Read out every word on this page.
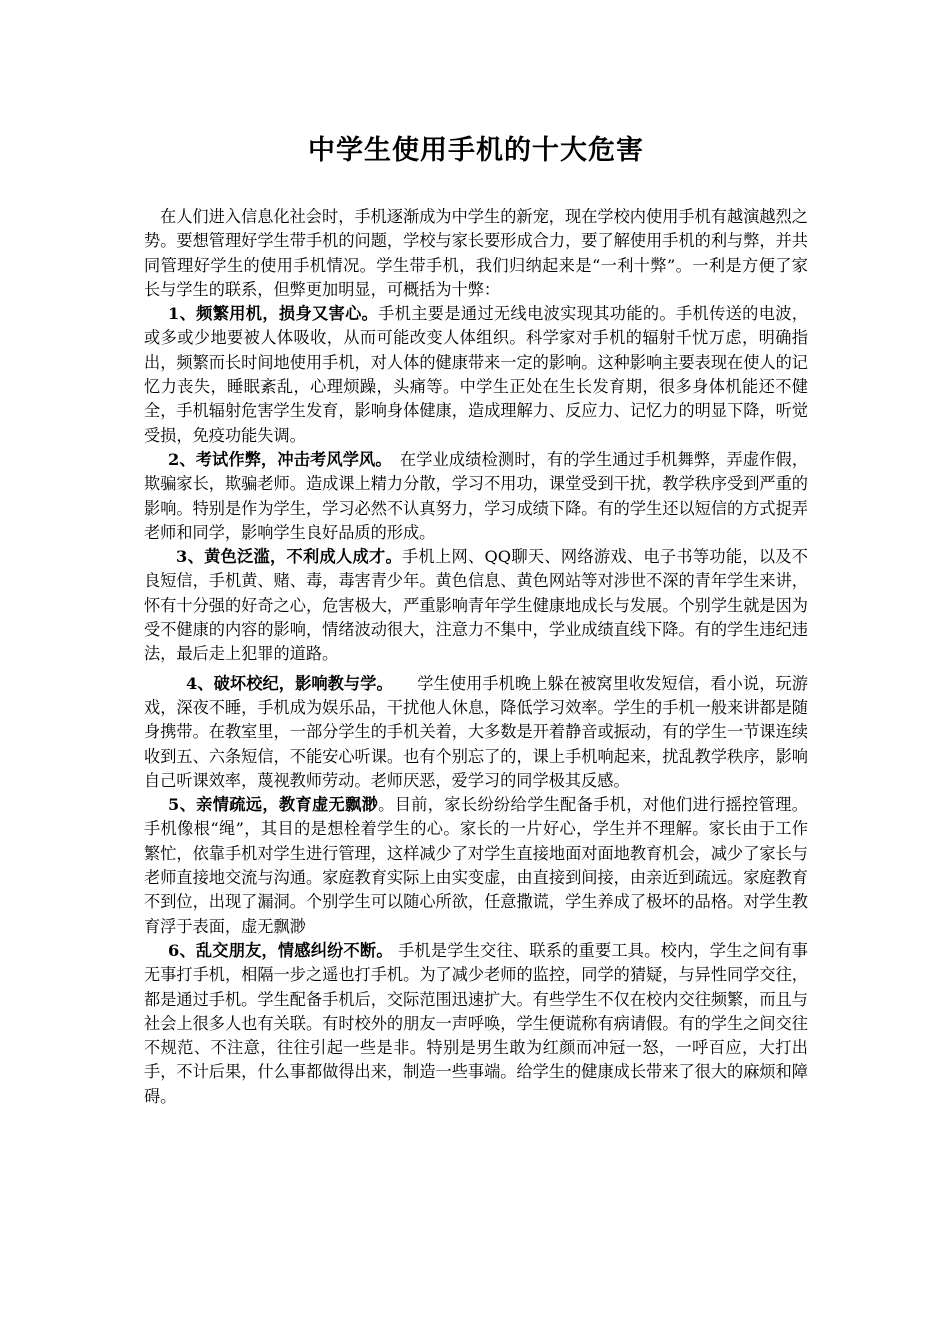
中学生使用手机的十大危害

在人们进入信息化社会时，手机逐渐成为中学生的新宠，现在学校内使用手机有越演越烈之势。要想管理好学生带手机的问题，学校与家长要形成合力，要了解使用手机的利与弊，并共同管理好学生的使用手机情况。学生带手机，我们归纳起来是“一利十弊”。一利是方便了家长与学生的联系，但弊更加明显，可概括为十弊：

1、频繁用机，损身又害心。手机主要是通过无线电波实现其功能的。手机传送的电波，或多或少地要被人体吸收，从而可能改变人体组织。科学家对手机的辐射千忧万虑，明确指出，频繁而长时间地使用手机，对人体的健康带来一定的影响。这种影响主要表现在使人的记忆力丧失，睡眠紊乱，心理烦躁，头痛等。中学生正处在生长发育期，很多身体机能还不健全，手机辐射危害学生发育，影响身体健康，造成理解力、反应力、记忆力的明显下降，听觉受损，免疫功能失调。

2、考试作弊，冲击考风学风。　在学业成绩检测时，有的学生通过手机舞弊，弄虚作假，欺骗家长，欺骗老师。造成课上精力分散，学习不用功，课堂受到干扰，教学秩序受到严重的影响。特别是作为学生，学习必然不认真努力，学习成绩下降。有的学生还以短信的方式捉弄老师和同学，影响学生良好品质的形成。

3、黄色泛滥，不利成人成才。手机上网、QQ聊天、网络游戏、电子书等功能，以及不良短信，手机黄、赌、毒，毒害青少年。黄色信息、黄色网站等对涉世不深的青年学生来讲，怀有十分强的好奇之心，危害极大，严重影响青年学生健康地成长与发展。个别学生就是因为受不健康的内容的影响，情绪波动很大，注意力不集中，学业成绩直线下降。有的学生违纪违法，最后走上犯罪的道路。

4、破坏校纪，影响教与学。　　学生使用手机晚上躲在被窝里收发短信，看小说，玩游戏，深夜不睡，手机成为娱乐品，干扰他人休息，降低学习效率。学生的手机一般来讲都是随身携带。在教室里，一部分学生的手机关着，大多数是开着静音或振动，有的学生一节课连续收到五、六条短信，不能安心听课。也有个别忘了的，课上手机响起来，扰乱教学秩序，影响自己听课效率，蔑视教师劳动。老师厌恶，爱学习的同学极其反感。

5、亲情疏远，教育虚无飘渺。目前，家长纷纷给学生配备手机，对他们进行摇控管理。手机像根“绳”，其目的是想栓着学生的心。家长的一片好心，学生并不理解。家长由于工作繁忙，依靠手机对学生进行管理，这样减少了对学生直接地面对面地教育机会，减少了家长与老师直接地交流与沟通。家庭教育实际上由实变虚，由直接到间接，由亲近到疏远。家庭教育不到位，出现了漏洞。个别学生可以随心所欲，任意撒谎，学生养成了极坏的品格。对学生教育浮于表面，虚无飘渺

6、乱交朋友，情感纠纷不断。 手机是学生交往、联系的重要工具。校内，学生之间有事无事打手机，相隔一步之遥也打手机。为了减少老师的监控，同学的猜疑，与异性同学交往，都是通过手机。学生配备手机后，交际范围迅速扩大。有些学生不仅在校内交往频繁，而且与社会上很多人也有关联。有时校外的朋友一声呼唤，学生便谎称有病请假。有的学生之间交往不规范、不注意，往往引起一些是非。特别是男生敢为红颜而冲冠一怒，一呼百应，大打出手，不计后果，什么事都做得出来，制造一些事端。给学生的健康成长带来了很大的麻烦和障碍。
